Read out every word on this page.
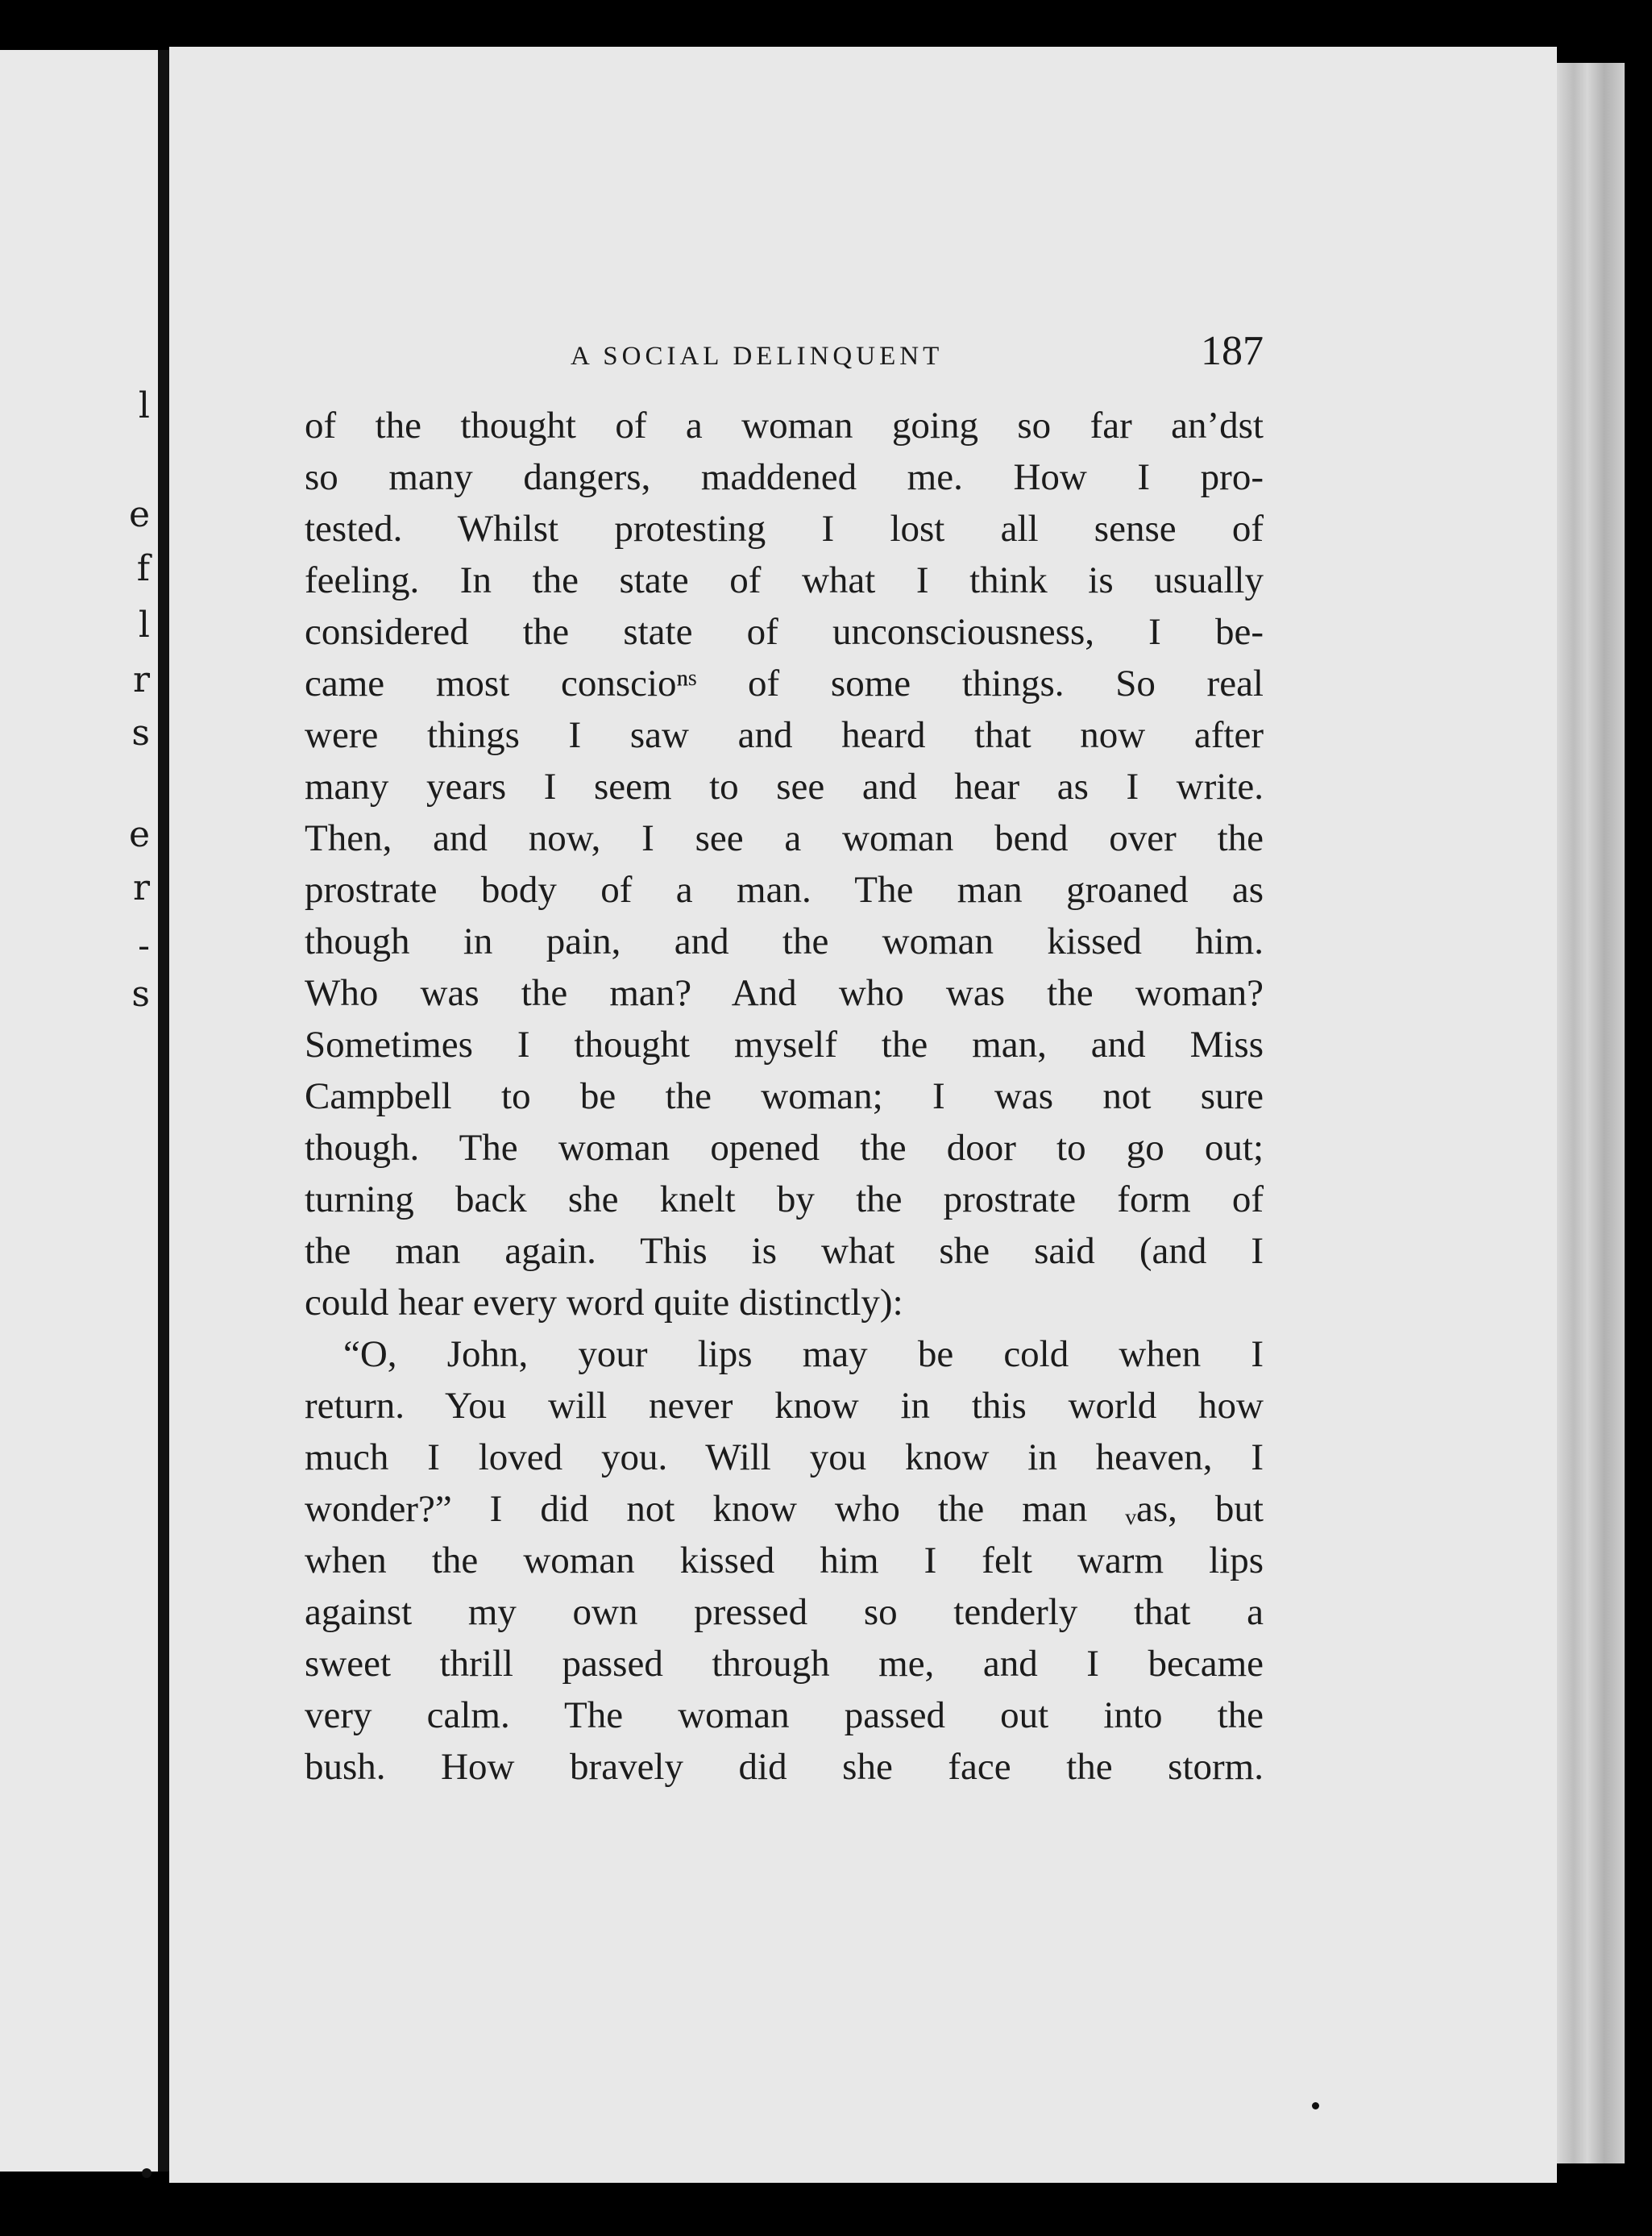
l
e
f
l
r
s
e
r
-
s
A SOCIAL DELINQUENT	187
of the thought of a woman going so far anʼdst
so many dangers, maddened me. How I pro-
tested. Whilst protesting I lost all sense of
feeling. In the state of what I think is usually
considered the state of unconsciousness, I be-
came most conscioⁿˢ of some things. So real
were things I saw and heard that now after
many years I seem to see and hear as I write.
Then, and now, I see a woman bend over the
prostrate body of a man. The man groaned as
though in pain, and the woman kissed him.
Who was the man? And who was the woman?
Sometimes I thought myself the man, and Miss
Campbell to be the woman; I was not sure
though. The woman opened the door to go out;
turning back she knelt by the prostrate form of
the man again. This is what she said (and I
could hear every word quite distinctly):
“O, John, your lips may be cold when I
return. You will never know in this world how
much I loved you. Will you know in heaven, I
wonder?” I did not know who the man ᵥas, but
when the woman kissed him I felt warm lips
against my own pressed so tenderly that a
sweet thrill passed through me, and I became
very calm. The woman passed out into the
bush. How bravely did she face the storm.
